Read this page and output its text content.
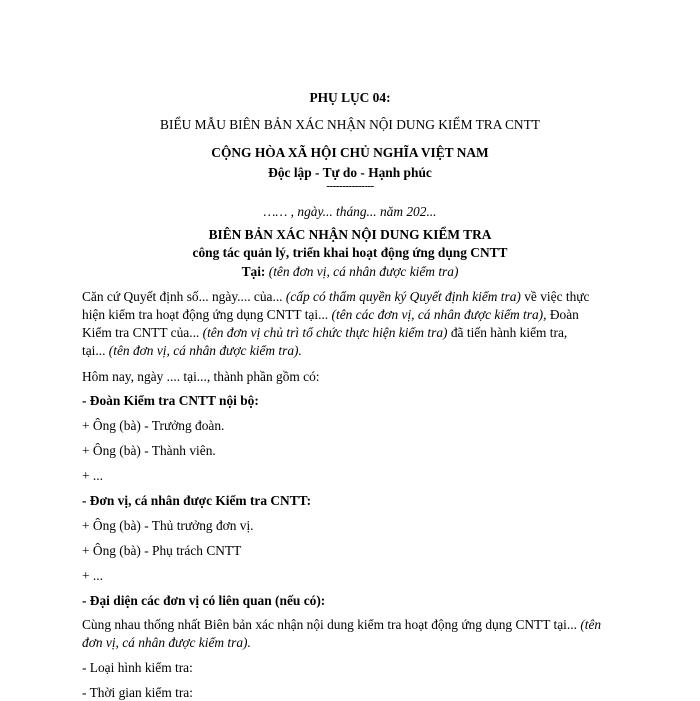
PHỤ LỤC 04:
BIỂU MẪU BIÊN BẢN XÁC NHẬN NỘI DUNG KIỂM TRA CNTT
CỘNG HÒA XÃ HỘI CHỦ NGHĨA VIỆT NAM
Độc lập - Tự do - Hạnh phúc
---------------
…… , ngày... tháng... năm 202...
BIÊN BẢN XÁC NHẬN NỘI DUNG KIỂM TRA
công tác quản lý, triển khai hoạt động ứng dụng CNTT
Tại: (tên đơn vị, cá nhân được kiểm tra)
Căn cứ Quyết định số... ngày.... của... (cấp có thẩm quyền ký Quyết định kiểm tra) về việc thực
hiện kiểm tra hoạt động ứng dụng CNTT tại... (tên các đơn vị, cá nhân được kiểm tra), Đoàn
Kiểm tra CNTT của... (tên đơn vị chủ trì tổ chức thực hiện kiểm tra) đã tiến hành kiểm tra,
tại... (tên đơn vị, cá nhân được kiểm tra).
Hôm nay, ngày .... tại..., thành phần gồm có:
- Đoàn Kiểm tra CNTT nội bộ:
+ Ông (bà) - Trưởng đoàn.
+ Ông (bà) - Thành viên.
+ ...
- Đơn vị, cá nhân được Kiểm tra CNTT:
+ Ông (bà) - Thủ trưởng đơn vị.
+ Ông (bà) - Phụ trách CNTT
+ ...
- Đại diện các đơn vị có liên quan (nếu có):
Cùng nhau thống nhất Biên bản xác nhận nội dung kiểm tra hoạt động ứng dụng CNTT tại... (tên
đơn vị, cá nhân được kiểm tra).
- Loại hình kiểm tra:
- Thời gian kiểm tra:
